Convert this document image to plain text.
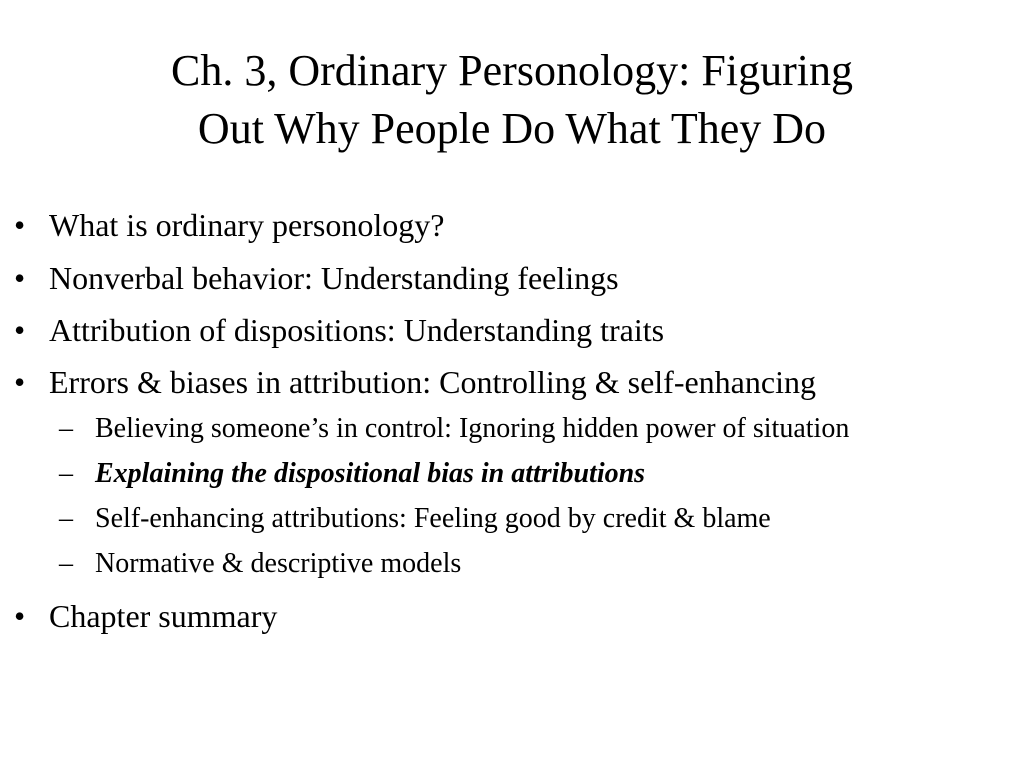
Ch. 3, Ordinary Personology: Figuring
Out Why People Do What They Do
• What is ordinary personology?
• Nonverbal behavior: Understanding feelings
• Attribution of dispositions: Understanding traits
• Errors & biases in attribution: Controlling & self-enhancing
– Believing someone’s in control: Ignoring hidden power of situation
– Explaining the dispositional bias in attributions
– Self-enhancing attributions: Feeling good by credit & blame
– Normative & descriptive models
• Chapter summary
